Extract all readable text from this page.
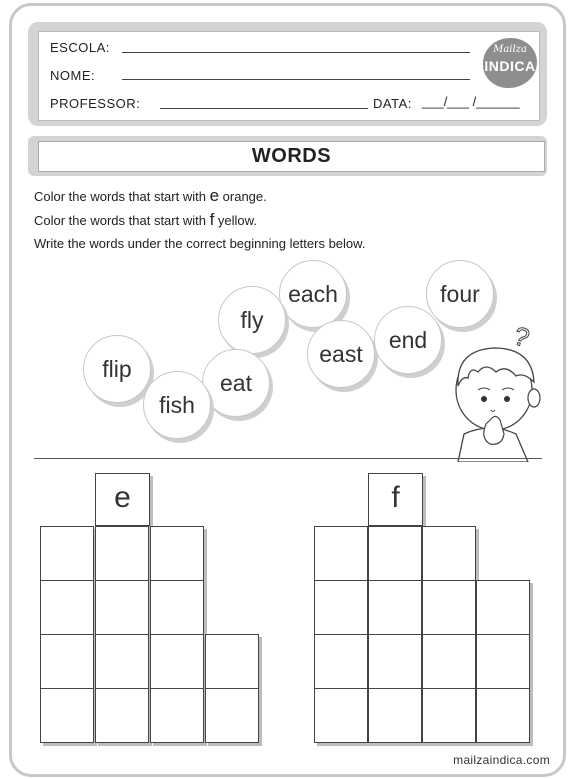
ESCOLA:
NOME:
PROFESSOR:	DATA: ___/___ /______
Mailza
INDICA
WORDS
Color the words that start with e orange.
Color the words that start with f yellow.
Write the words under the correct beginning letters below.
each
fly
four
east
end
flip
eat
fish
?
e	f
mailzaindica.com
